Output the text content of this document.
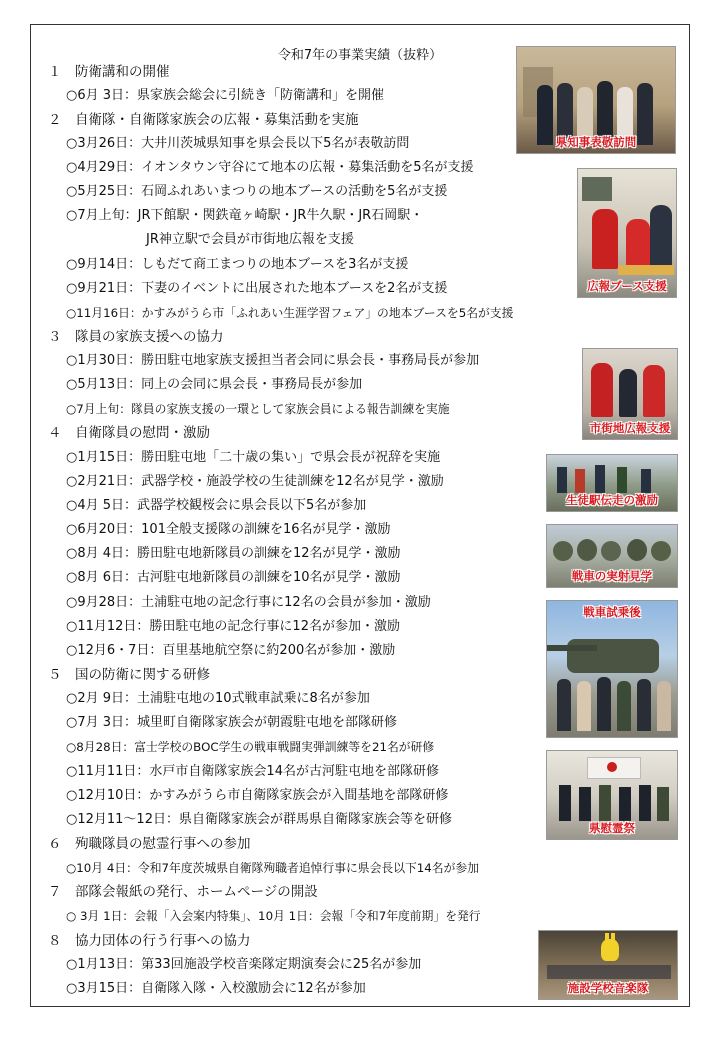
令和7年の事業実績（抜粋）
１　防衛講和の開催
○6月 3日：県家族会総会に引続き「防衛講和」を開催
２　自衛隊・自衛隊家族会の広報・募集活動を実施
○3月26日：大井川茨城県知事を県会長以下5名が表敬訪問
○4月29日：イオンタウン守谷にて地本の広報・募集活動を5名が支援
○5月25日：石岡ふれあいまつりの地本ブースの活動を5名が支援
○7月上旬：JR下館駅・関鉄竜ヶ崎駅・JR牛久駅・JR石岡駅・
JR神立駅で会員が市街地広報を支援
○9月14日：しもだて商工まつりの地本ブースを3名が支援
○9月21日：下妻のイベントに出展された地本ブースを2名が支援
○11月16日：かすみがうら市「ふれあい生涯学習フェア」の地本ブースを5名が支援
３　隊員の家族支援への協力
○1月30日：勝田駐屯地家族支援担当者会同に県会長・事務局長が参加
○5月13日：同上の会同に県会長・事務局長が参加
○7月上旬：隊員の家族支援の一環として家族会員による報告訓練を実施
４　自衛隊員の慰問・激励
○1月15日：勝田駐屯地「二十歳の集い」で県会長が祝辞を実施
○2月21日：武器学校・施設学校の生徒訓練を12名が見学・激励
○4月 5日：武器学校観桜会に県会長以下5名が参加
○6月20日：101全般支援隊の訓練を16名が見学・激励
○8月 4日：勝田駐屯地新隊員の訓練を12名が見学・激励
○8月 6日：古河駐屯地新隊員の訓練を10名が見学・激励
○9月28日：土浦駐屯地の記念行事に12名の会員が参加・激励
○11月12日：勝田駐屯地の記念行事に12名が参加・激励
○12月6・7日：百里基地航空祭に約200名が参加・激励
５　国の防衛に関する研修
○2月 9日：土浦駐屯地の10式戦車試乗に8名が参加
○7月 3日：城里町自衛隊家族会が朝霞駐屯地を部隊研修
○8月28日：富士学校のBOC学生の戦車戦闘実弾訓練等を21名が研修
○11月11日：水戸市自衛隊家族会14名が古河駐屯地を部隊研修
○12月10日：かすみがうら市自衛隊家族会が入間基地を部隊研修
○12月11～12日：県自衛隊家族会が群馬県自衛隊家族会等を研修
６　殉職隊員の慰霊行事への参加
○10月 4日：令和7年度茨城県自衛隊殉職者追悼行事に県会長以下14名が参加
７　部隊会報紙の発行、ホームページの開設
○ 3月 1日：会報「入会案内特集」、10月 1日：会報「令和7年度前期」を発行
８　協力団体の行う行事への協力
○1月13日：第33回施設学校音楽隊定期演奏会に25名が参加
○3月15日：自衛隊入隊・入校激励会に12名が参加
県知事表敬訪問
広報ブース支援
市街地広報支援
生徒駅伝走の激励
戦車の実射見学
戦車試乗後
県慰霊祭
施設学校音楽隊
